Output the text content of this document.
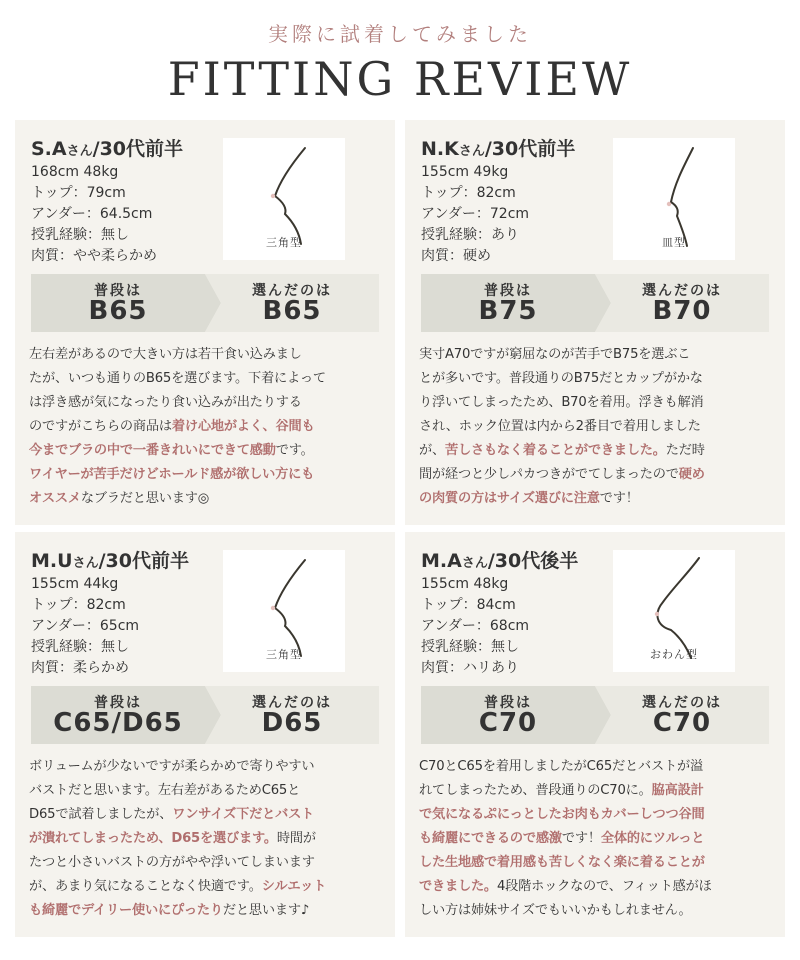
実際に試着してみました
FITTING REVIEW
S.Aさん/30代前半
168cm 48kg
トップ：79cm
アンダー：64.5cm
授乳経験：無し
肉質：やや柔らかめ
三角型
普段は
B65
選んだのは
B65
左右差があるので大きい方は若干食い込みまし
たが、いつも通りのB65を選びます。下着によって
は浮き感が気になったり食い込みが出たりする
のですがこちらの商品は着け心地がよく、谷間も
今までブラの中で一番きれいにできて感動です。
ワイヤーが苦手だけどホールド感が欲しい方にも
オススメなブラだと思います◎
N.Kさん/30代前半
155cm 49kg
トップ：82cm
アンダー：72cm
授乳経験：あり
肉質：硬め
皿型
普段は
B75
選んだのは
B70
実寸A70ですが窮屈なのが苦手でB75を選ぶこ
とが多いです。普段通りのB75だとカップがかな
り浮いてしまったため、B70を着用。浮きも解消
され、ホック位置は内から2番目で着用しました
が、苦しさもなく着ることができました。ただ時
間が経つと少しパカつきがでてしまったので硬め
の肉質の方はサイズ選びに注意です！
M.Uさん/30代前半
155cm 44kg
トップ：82cm
アンダー：65cm
授乳経験：無し
肉質：柔らかめ
三角型
普段は
C65/D65
選んだのは
D65
ボリュームが少ないですが柔らかめで寄りやすい
バストだと思います。左右差があるためC65と
D65で試着しましたが、ワンサイズ下だとバスト
が潰れてしまったため、D65を選びます。時間が
たつと小さいバストの方がやや浮いてしまいます
が、あまり気になることなく快適です。シルエット
も綺麗でデイリー使いにぴったりだと思います♪
M.Aさん/30代後半
155cm 48kg
トップ：84cm
アンダー：68cm
授乳経験：無し
肉質：ハリあり
おわん型
普段は
C70
選んだのは
C70
C70とC65を着用しましたがC65だとバストが溢
れてしまったため、普段通りのC70に。脇高設計
で気になるぷにっとしたお肉もカバーしつつ谷間
も綺麗にできるので感激です！全体的にツルっと
した生地感で着用感も苦しくなく楽に着ることが
できました。4段階ホックなので、フィット感がほ
しい方は姉妹サイズでもいいかもしれません。
